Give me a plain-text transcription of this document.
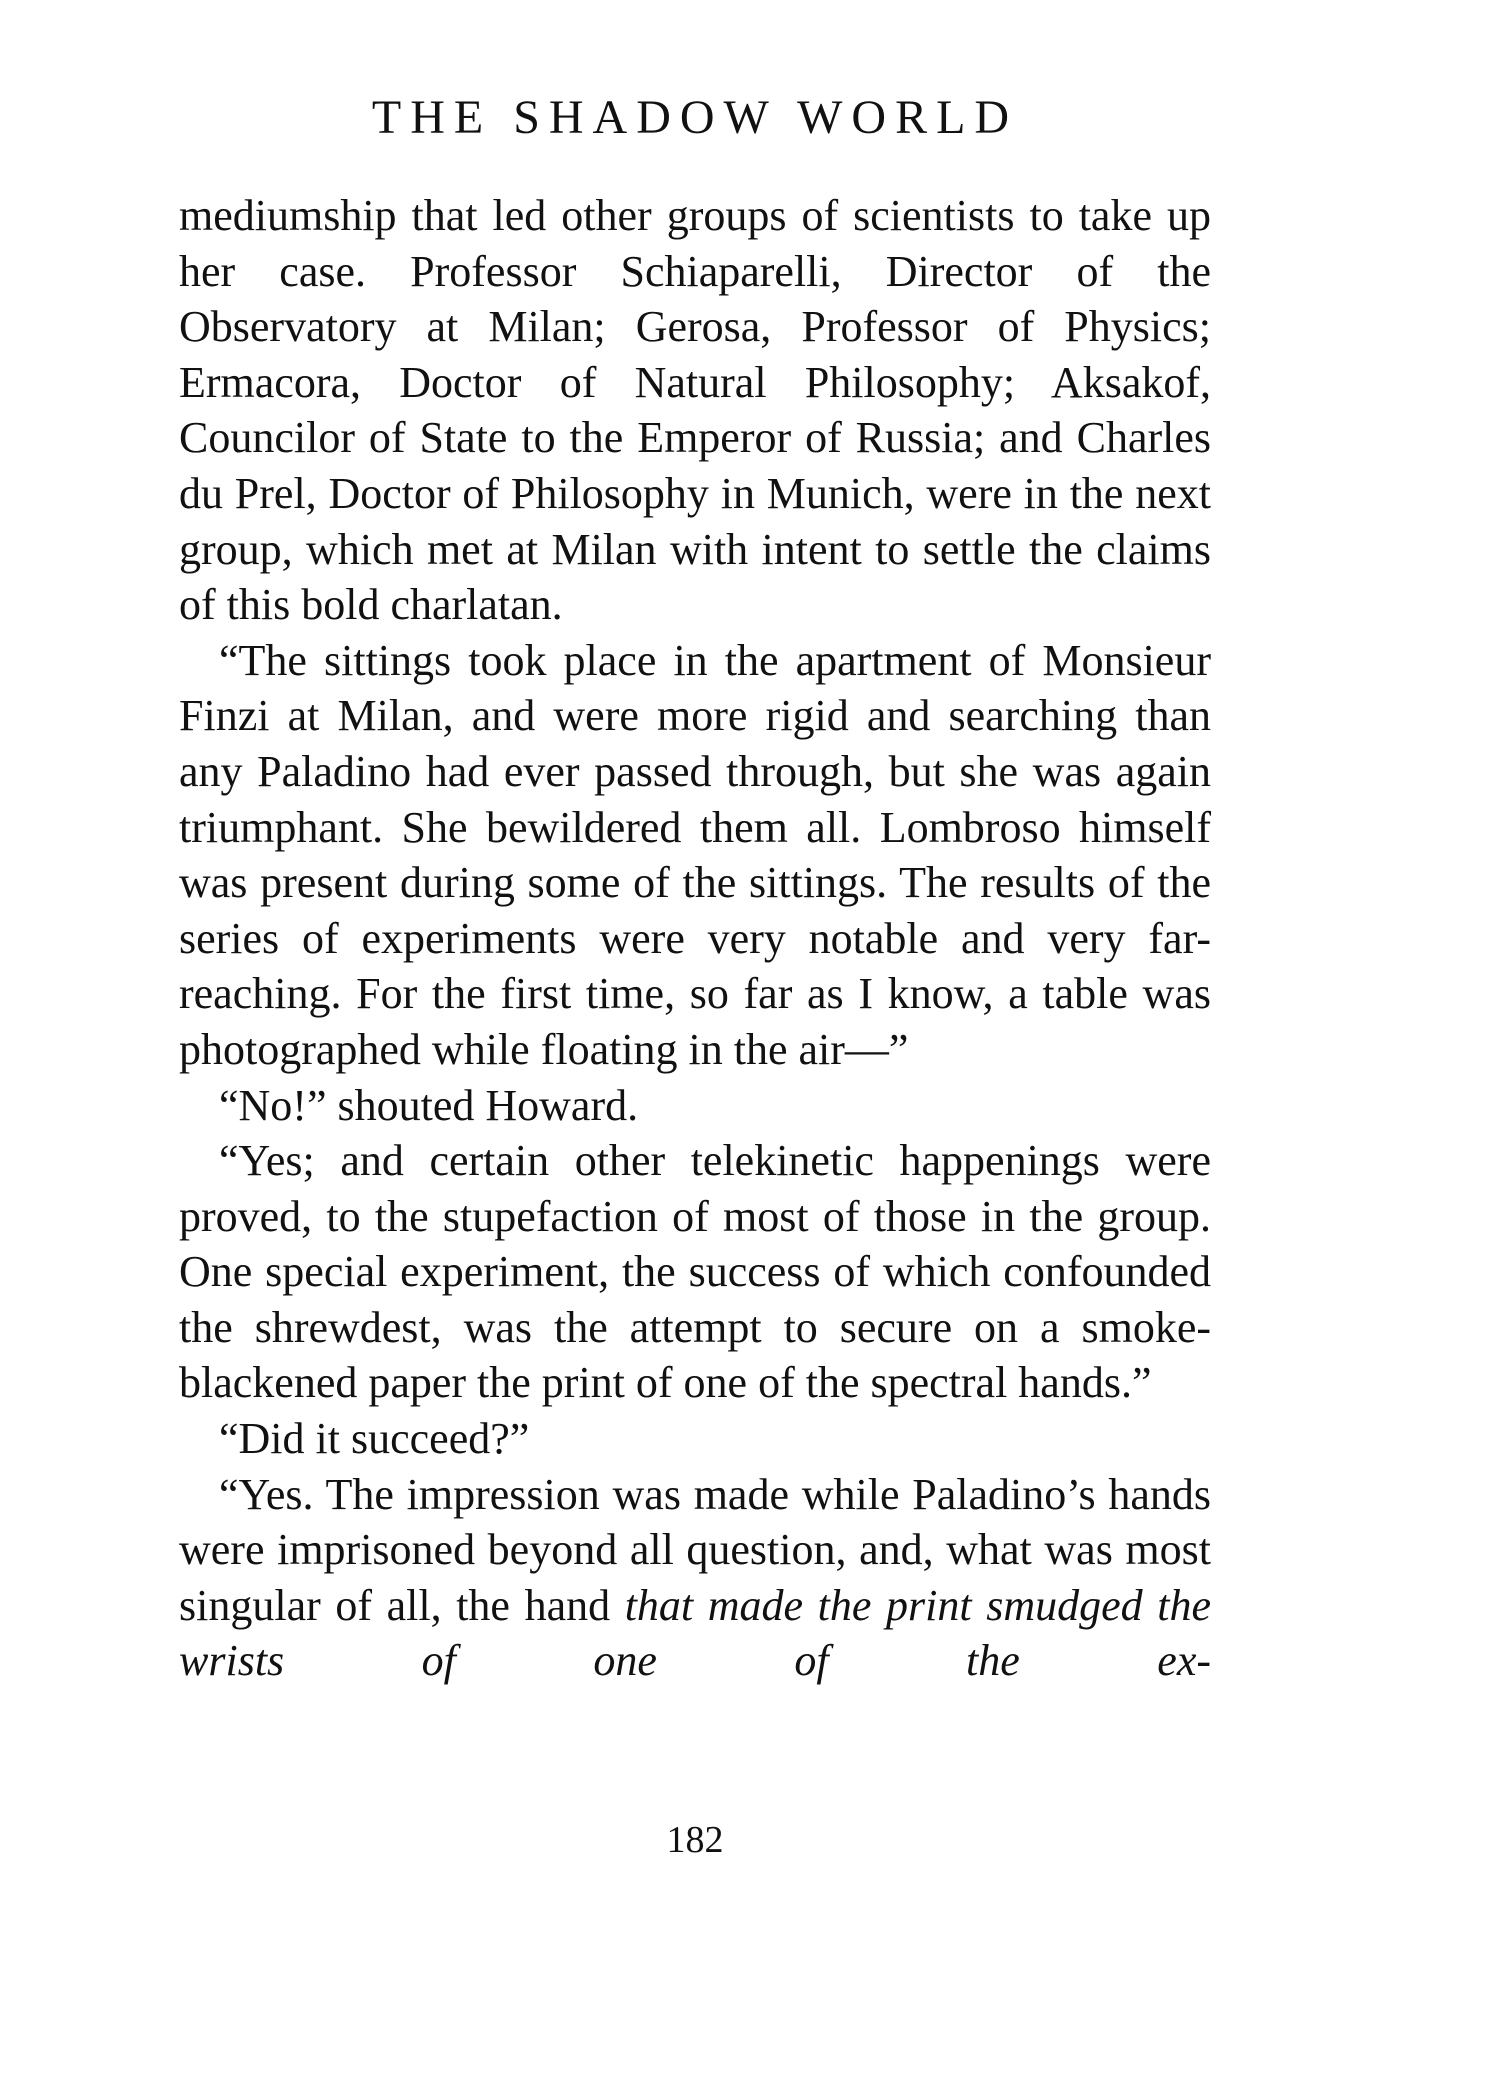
THE SHADOW WORLD

mediumship that led other groups of scientists to take up her case. Professor Schiaparelli, Director of the Observatory at Milan; Gerosa, Professor of Physics; Ermacora, Doctor of Natural Philosophy; Aksakof, Councilor of State to the Emperor of Russia; and Charles du Prel, Doctor of Philosophy in Munich, were in the next group, which met at Milan with intent to settle the claims of this bold charlatan.

“The sittings took place in the apartment of Monsieur Finzi at Milan, and were more rigid and searching than any Paladino had ever passed through, but she was again triumphant. She bewildered them all. Lombroso himself was present during some of the sittings. The results of the series of experiments were very notable and very far-reaching. For the first time, so far as I know, a table was photographed while floating in the air—”

“No!” shouted Howard.

“Yes; and certain other telekinetic happenings were proved, to the stupefaction of most of those in the group. One special experiment, the success of which confounded the shrewdest, was the attempt to secure on a smoke-blackened paper the print of one of the spectral hands.”

“Did it succeed?”

“Yes. The impression was made while Paladino’s hands were imprisoned beyond all question, and, what was most singular of all, the hand that made the print smudged the wrists of one of the ex-

182
